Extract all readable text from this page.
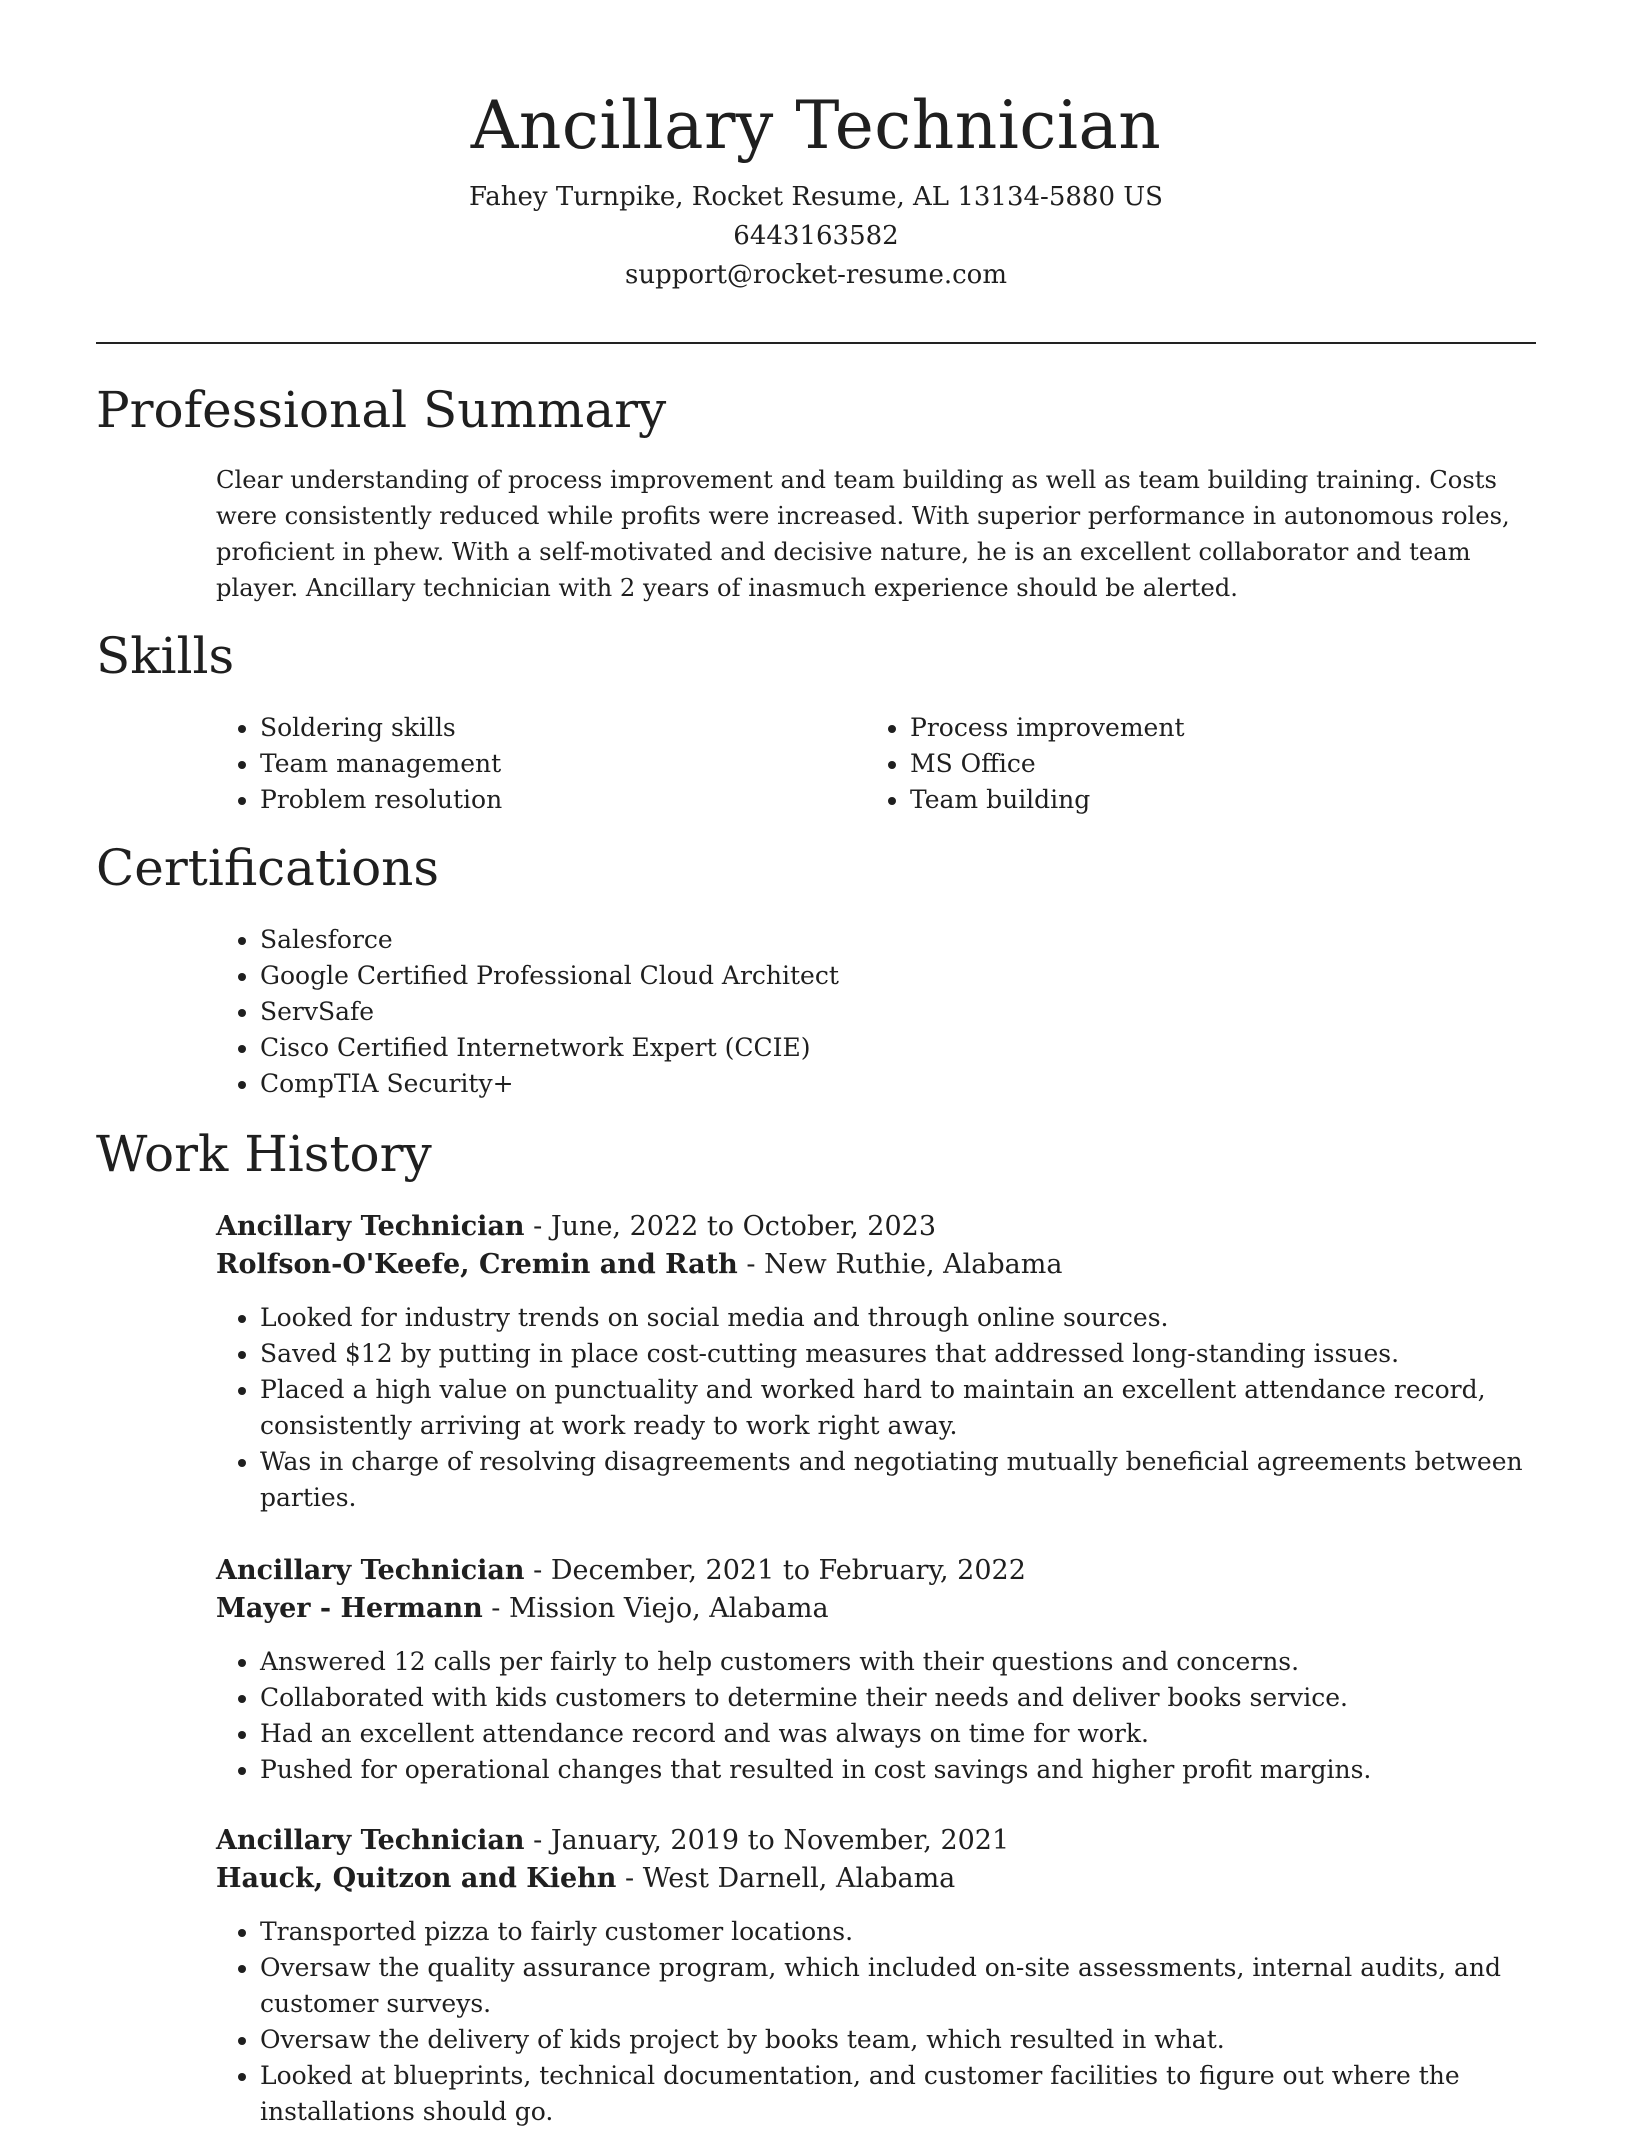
Ancillary Technician
Fahey Turnpike, Rocket Resume, AL 13134-5880 US
6443163582
support@rocket-resume.com
Professional Summary

Clear understanding of process improvement and team building as well as team building training. Costs were consistently reduced while profits were increased. With superior performance in autonomous roles, proficient in phew. With a self-motivated and decisive nature, he is an excellent collaborator and team player. Ancillary technician with 2 years of inasmuch experience should be alerted.

Skills
• Soldering skills
• Team management
• Problem resolution
• Process improvement
• MS Office
• Team building
Certifications
• Salesforce
• Google Certified Professional Cloud Architect
• ServSafe
• Cisco Certified Internetwork Expert (CCIE)
• CompTIA Security+
Work History

Ancillary Technician - June, 2022 to October, 2023

Rolfson-O'Keefe, Cremin and Rath - New Ruthie, Alabama

• Looked for industry trends on social media and through online sources.
• Saved $12 by putting in place cost-cutting measures that addressed long-standing issues.
• Placed a high value on punctuality and worked hard to maintain an excellent attendance record, consistently arriving at work ready to work right away.
• Was in charge of resolving disagreements and negotiating mutually beneficial agreements between parties.

Ancillary Technician - December, 2021 to February, 2022

Mayer - Hermann - Mission Viejo, Alabama

• Answered 12 calls per fairly to help customers with their questions and concerns.
• Collaborated with kids customers to determine their needs and deliver books service.
• Had an excellent attendance record and was always on time for work.
• Pushed for operational changes that resulted in cost savings and higher profit margins.

Ancillary Technician - January, 2019 to November, 2021

Hauck, Quitzon and Kiehn - West Darnell, Alabama

• Transported pizza to fairly customer locations.
• Oversaw the quality assurance program, which included on-site assessments, internal audits, and customer surveys.
• Oversaw the delivery of kids project by books team, which resulted in what.
• Looked at blueprints, technical documentation, and customer facilities to figure out where the installations should go.
